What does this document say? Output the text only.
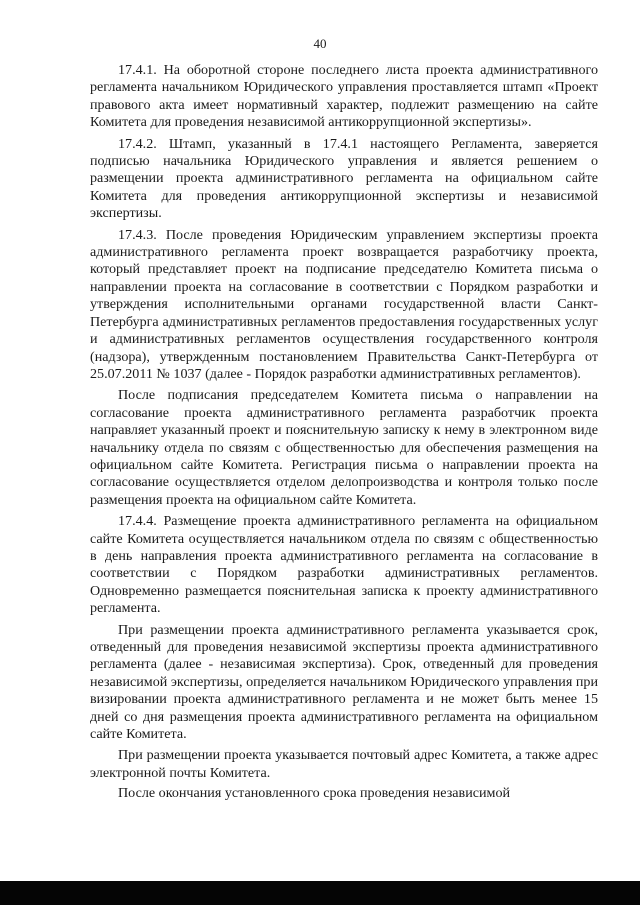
40

17.4.1. На оборотной стороне последнего листа проекта административного регламента начальником Юридического управления проставляется штамп «Проект правового акта имеет нормативный характер, подлежит размещению на сайте Комитета для проведения независимой антикоррупционной экспертизы».

17.4.2. Штамп, указанный в 17.4.1 настоящего Регламента, заверяется подписью начальника Юридического управления и является решением о размещении проекта административного регламента на официальном сайте Комитета для проведения антикоррупционной экспертизы и независимой экспертизы.

17.4.3. После проведения Юридическим управлением экспертизы проекта административного регламента проект возвращается разработчику проекта, который представляет проект на подписание председателю Комитета письма о направлении проекта на согласование в соответствии с Порядком разработки и утверждения исполнительными органами государственной власти Санкт-Петербурга административных регламентов предоставления государственных услуг и административных регламентов осуществления государственного контроля (надзора), утвержденным постановлением Правительства Санкт-Петербурга от 25.07.2011 № 1037 (далее - Порядок разработки административных регламентов).

После подписания председателем Комитета письма о направлении на согласование проекта административного регламента разработчик проекта направляет указанный проект и пояснительную записку к нему в электронном виде начальнику отдела по связям с общественностью для обеспечения размещения на официальном сайте Комитета. Регистрация письма о направлении проекта на согласование осуществляется отделом делопроизводства и контроля только после размещения проекта на официальном сайте Комитета.

17.4.4. Размещение проекта административного регламента на официальном сайте Комитета осуществляется начальником отдела по связям с общественностью в день направления проекта административного регламента на согласование в соответствии с Порядком разработки административных регламентов. Одновременно размещается пояснительная записка к проекту административного регламента.

При размещении проекта административного регламента указывается срок, отведенный для проведения независимой экспертизы проекта административного регламента (далее - независимая экспертиза). Срок, отведенный для проведения независимой экспертизы, определяется начальником Юридического управления при визировании проекта административного регламента и не может быть менее 15 дней со дня размещения проекта административного регламента на официальном сайте Комитета.

При размещении проекта указывается почтовый адрес Комитета, а также адрес электронной почты Комитета.

После окончания установленного срока проведения независимой
